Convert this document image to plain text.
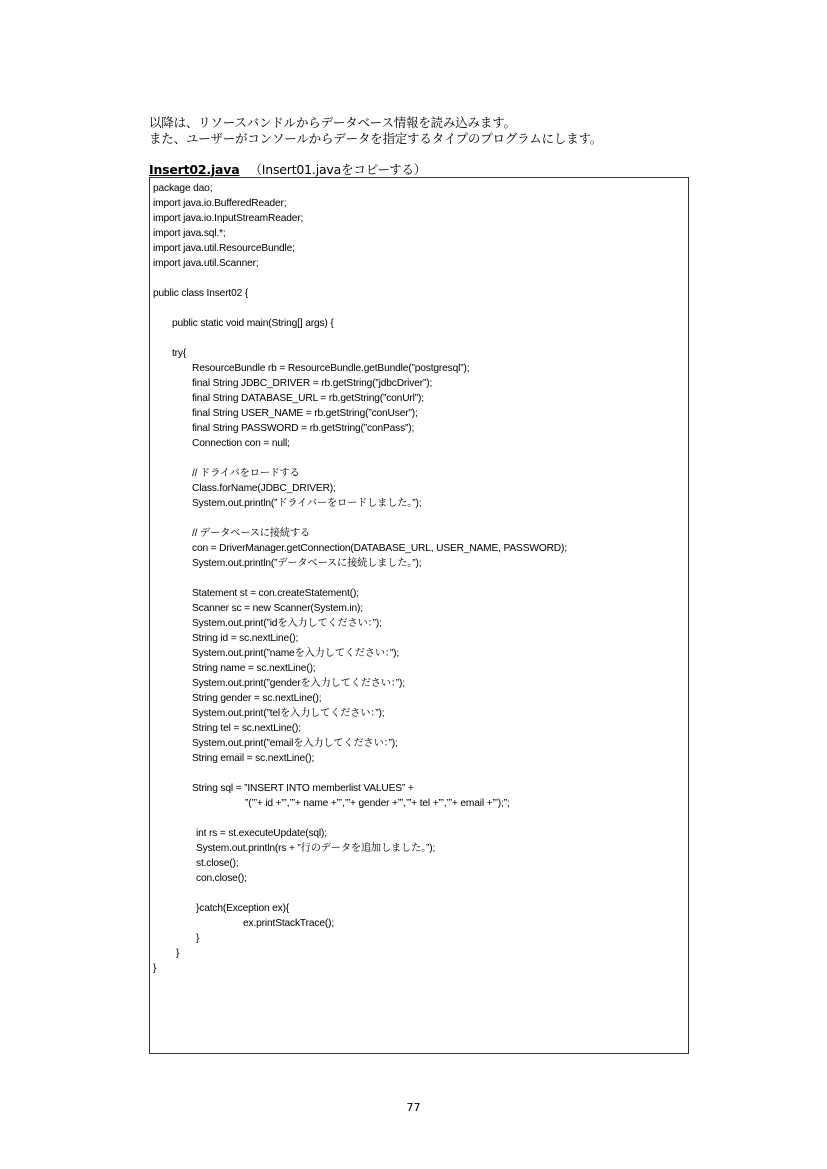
以降は、リソースバンドルからデータベース情報を読み込みます。
また、ユーザーがコンソールからデータを指定するタイプのプログラムにします。
Insert02.java （Insert01.javaをコピーする）
package dao;
import java.io.BufferedReader;
import java.io.InputStreamReader;
import java.sql.*;
import java.util.ResourceBundle;
import java.util.Scanner;
public class Insert02 {
public static void main(String[] args) {
try{
ResourceBundle rb = ResourceBundle.getBundle(”postgresql”);
final String JDBC_DRIVER = rb.getString(”jdbcDriver”);
final String DATABASE_URL = rb.getString(”conUrl”);
final String USER_NAME = rb.getString(”conUser”);
final String PASSWORD = rb.getString(”conPass”);
Connection con = null;
// ドライバをロードする
Class.forName(JDBC_DRIVER);
System.out.println(”ドライバーをロードしました。”);
// データベースに接続する
con = DriverManager.getConnection(DATABASE_URL, USER_NAME, PASSWORD);
System.out.println(”データベースに接続しました。”);
Statement st = con.createStatement();
Scanner sc = new Scanner(System.in);
System.out.print(”idを入力してください：”);
String id = sc.nextLine();
System.out.print(”nameを入力してください：”);
String name = sc.nextLine();
System.out.print(”genderを入力してください：”);
String gender = sc.nextLine();
System.out.print(”telを入力してください：”);
String tel = sc.nextLine();
System.out.print(”emailを入力してください：”);
String email = sc.nextLine();
String sql = ”INSERT INTO memberlist VALUES” +
”(’”+ id +”’,’”+ name +”’,’”+ gender +”’,’”+ tel +”’,’”+ email +”’);”;
int rs = st.executeUpdate(sql);
System.out.println(rs + ”行のデータを追加しました。”);
st.close();
con.close();
}catch(Exception ex){
ex.printStackTrace();
}
}
}
77
